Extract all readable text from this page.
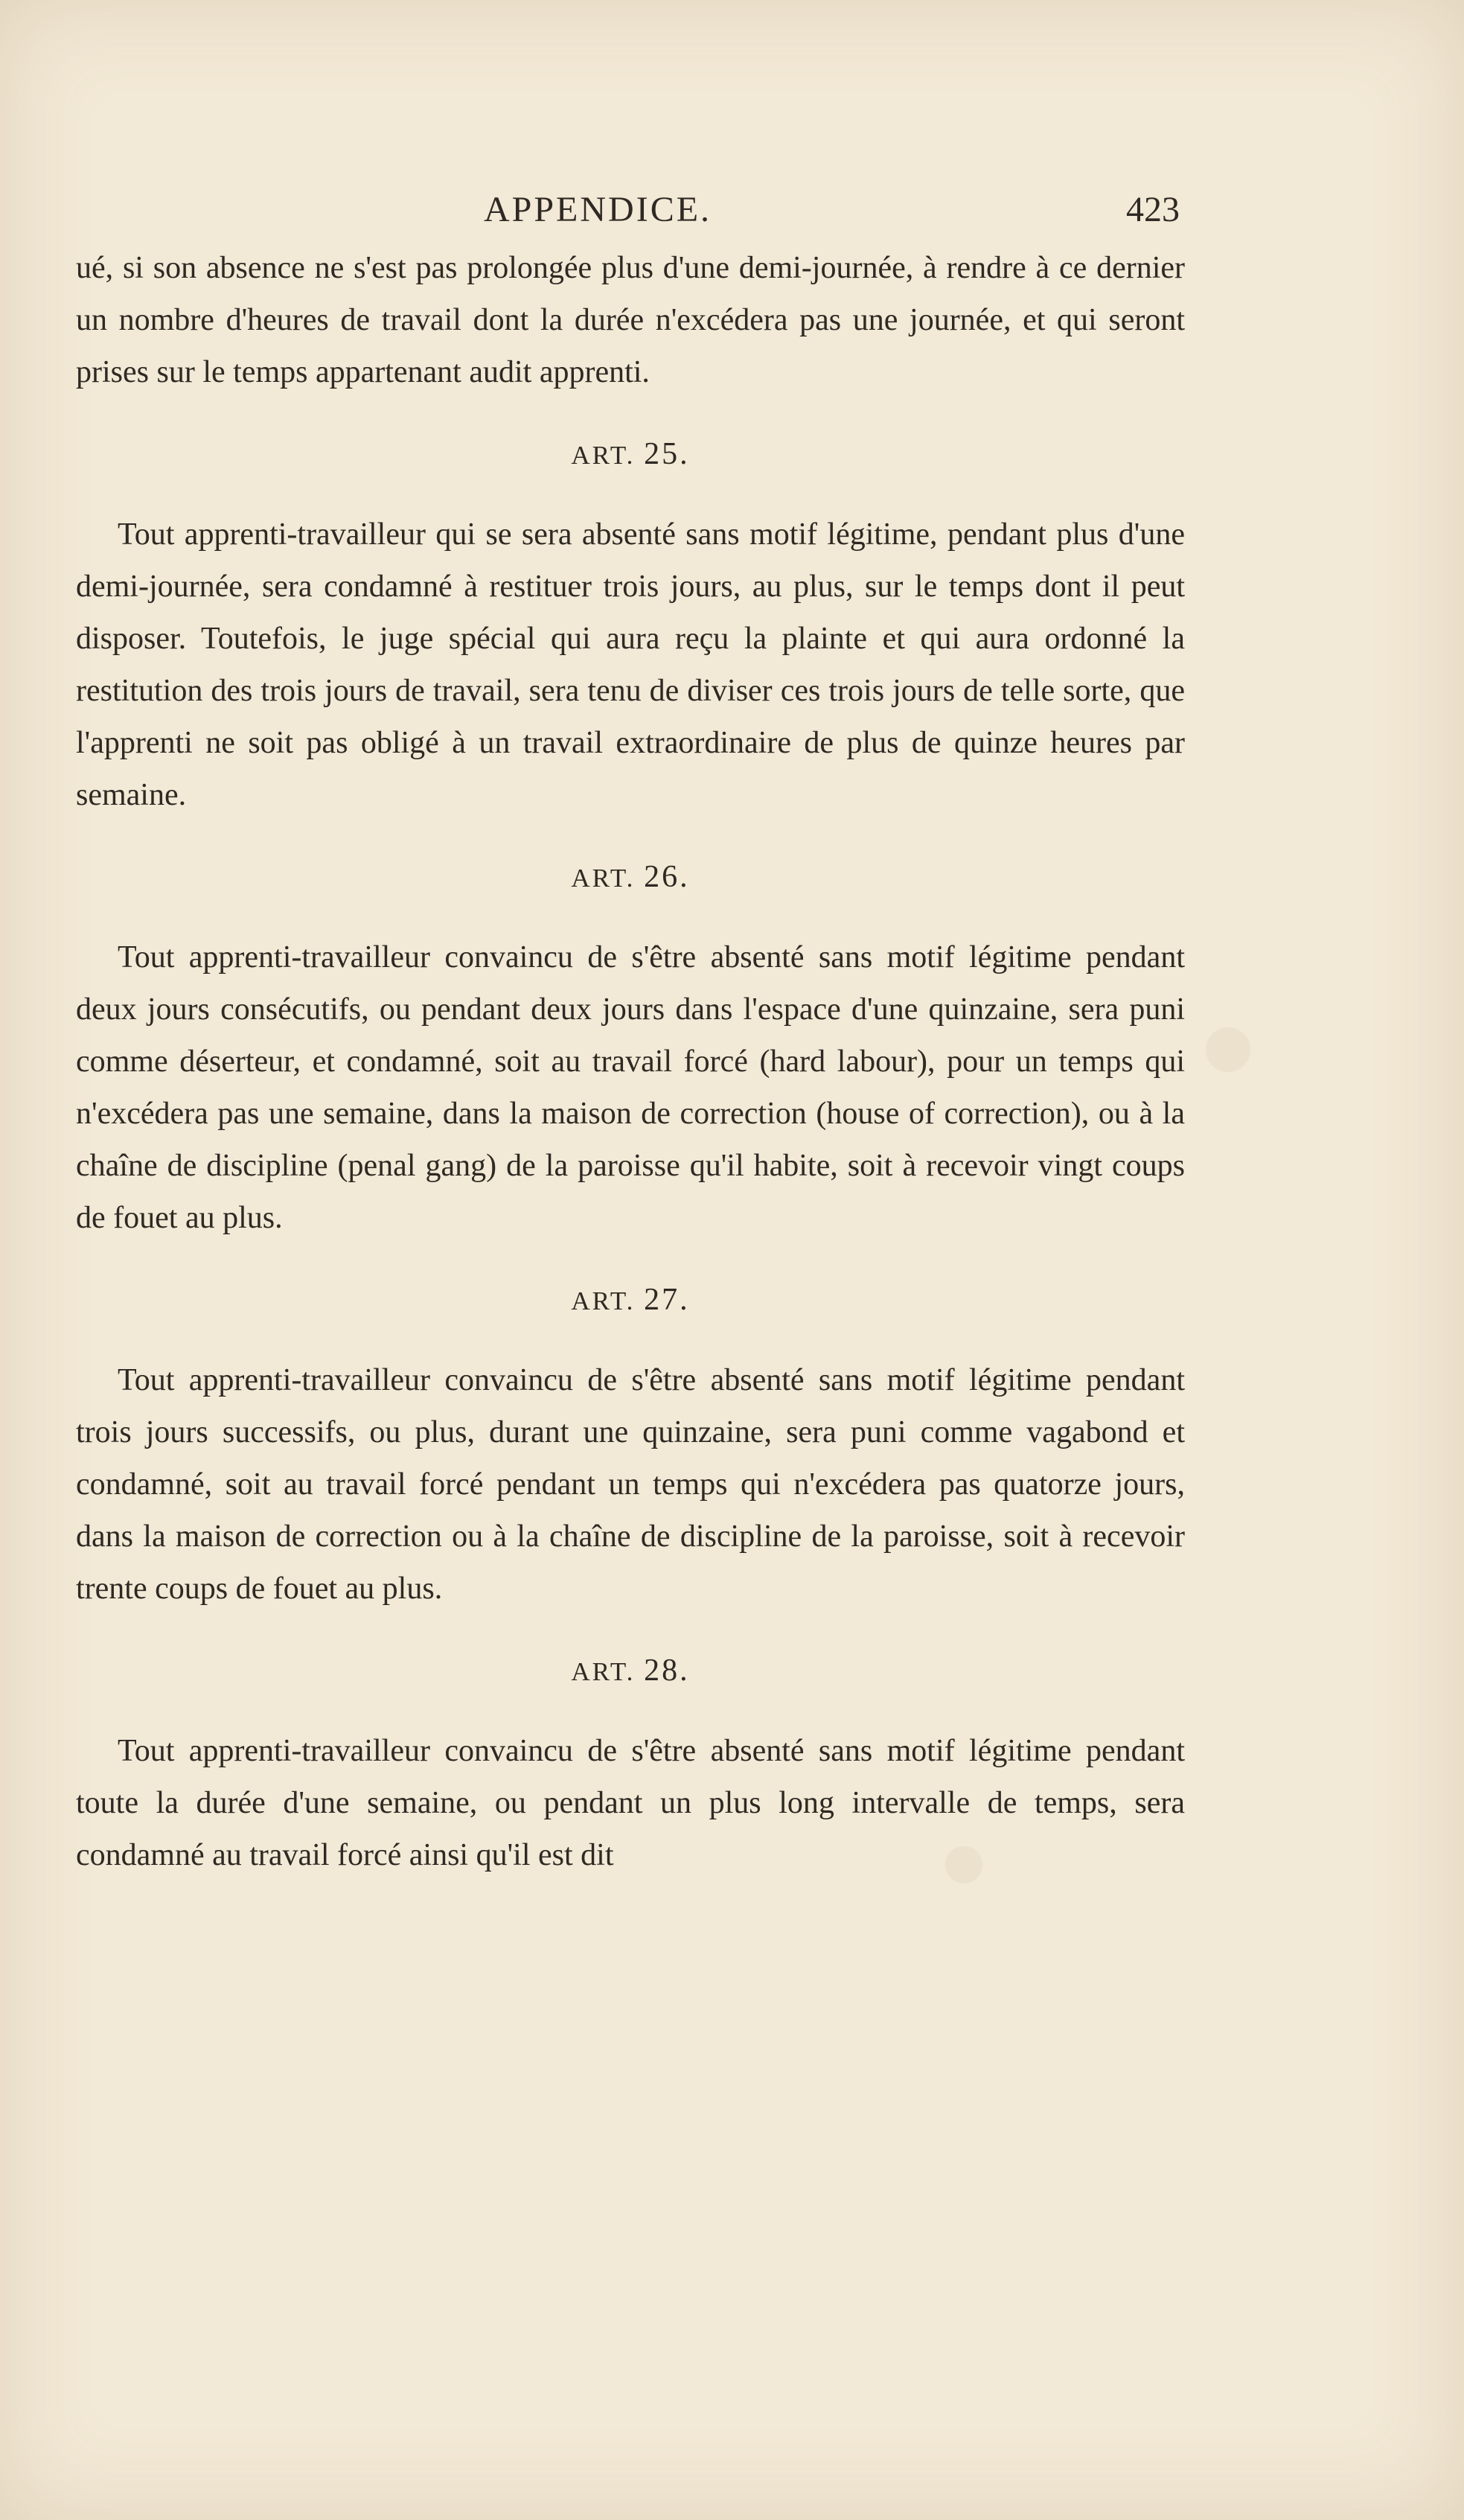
APPENDICE.	423

ué, si son absence ne s'est pas prolongée plus d'une demi-journée, à rendre à ce dernier un nombre d'heures de travail dont la durée n'excédera pas une journée, et qui seront prises sur le temps appartenant audit apprenti.

ART. 25.

Tout apprenti-travailleur qui se sera absenté sans motif légitime, pendant plus d'une demi-journée, sera condamné à restituer trois jours, au plus, sur le temps dont il peut disposer. Toutefois, le juge spécial qui aura reçu la plainte et qui aura ordonné la restitution des trois jours de travail, sera tenu de diviser ces trois jours de telle sorte, que l'apprenti ne soit pas obligé à un travail extraordinaire de plus de quinze heures par semaine.

ART. 26.

Tout apprenti-travailleur convaincu de s'être absenté sans motif légitime pendant deux jours consécutifs, ou pendant deux jours dans l'espace d'une quinzaine, sera puni comme déserteur, et condamné, soit au travail forcé (hard labour), pour un temps qui n'excédera pas une semaine, dans la maison de correction (house of correction), ou à la chaîne de discipline (penal gang) de la paroisse qu'il habite, soit à recevoir vingt coups de fouet au plus.

ART. 27.

Tout apprenti-travailleur convaincu de s'être absenté sans motif légitime pendant trois jours successifs, ou plus, durant une quinzaine, sera puni comme vagabond et condamné, soit au travail forcé pendant un temps qui n'excédera pas quatorze jours, dans la maison de correction ou à la chaîne de discipline de la paroisse, soit à recevoir trente coups de fouet au plus.

ART. 28.

Tout apprenti-travailleur convaincu de s'être absenté sans motif légitime pendant toute la durée d'une semaine, ou pendant un plus long intervalle de temps, sera condamné au travail forcé ainsi qu'il est dit
